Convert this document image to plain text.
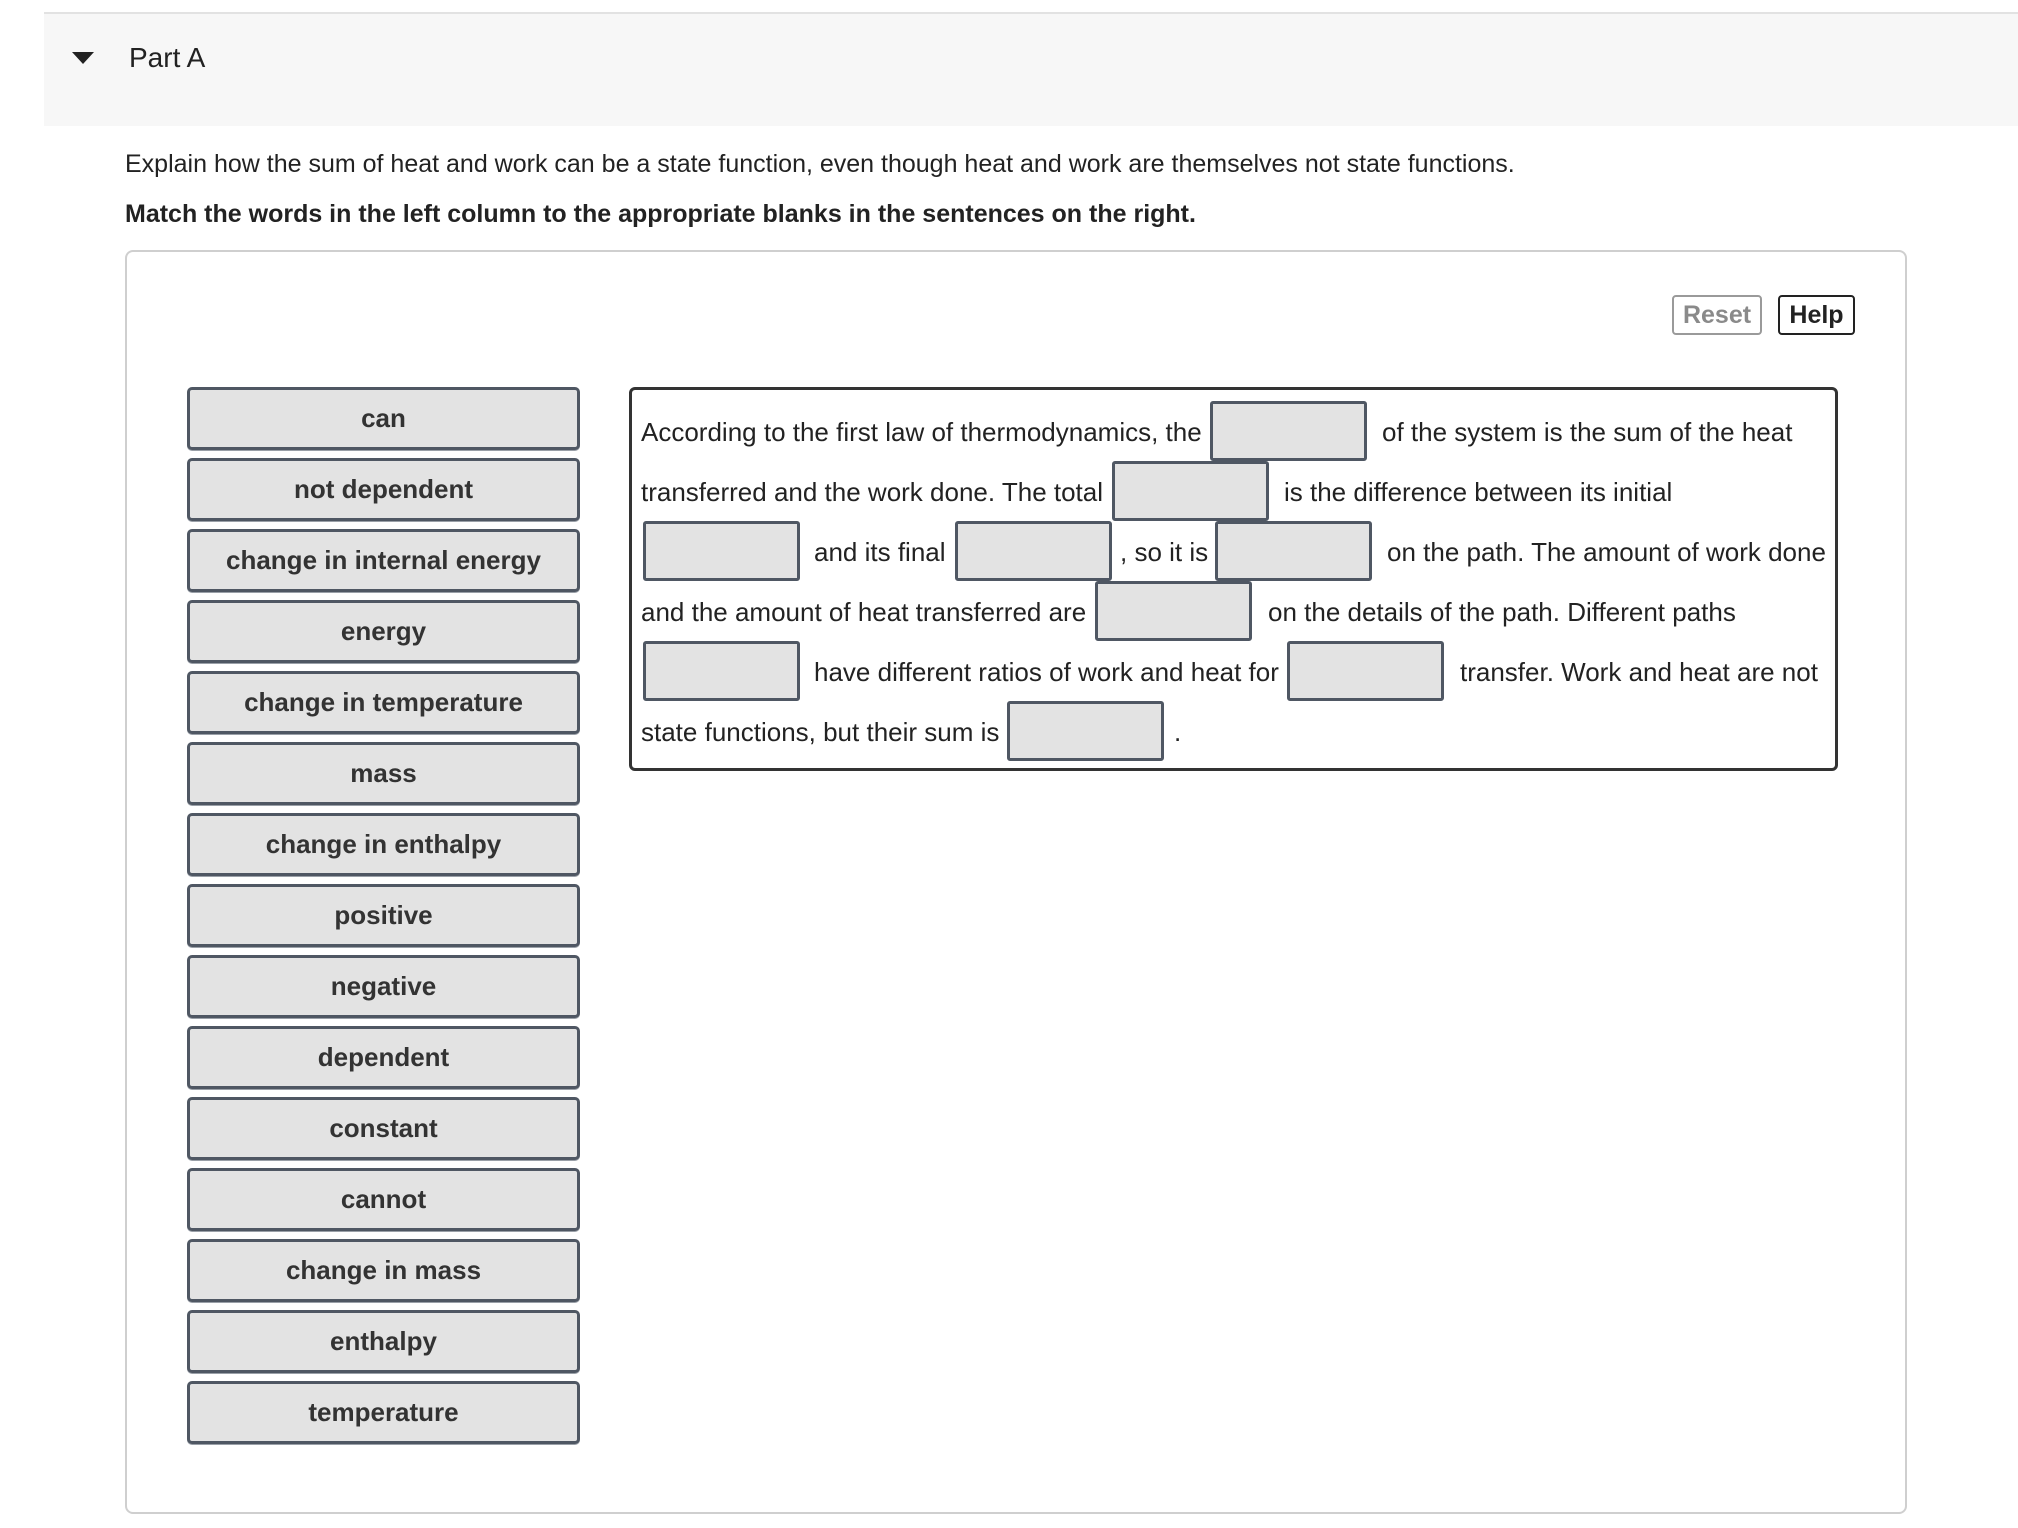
Part A
Explain how the sum of heat and work can be a state function, even though heat and work are themselves not state functions.
Match the words in the left column to the appropriate blanks in the sentences on the right.
Reset	Help
can
not dependent
change in internal energy
energy
change in temperature
mass
change in enthalpy
positive
negative
dependent
constant
cannot
change in mass
enthalpy
temperature
According to the first law of thermodynamics, the	of the system is the sum of the heat
transferred and the work done. The total	is the difference between its initial
and its final	, so it is	on the path. The amount of work done
and the amount of heat transferred are	on the details of the path. Different paths
have different ratios of work and heat for	transfer. Work and heat are not
state functions, but their sum is	.
